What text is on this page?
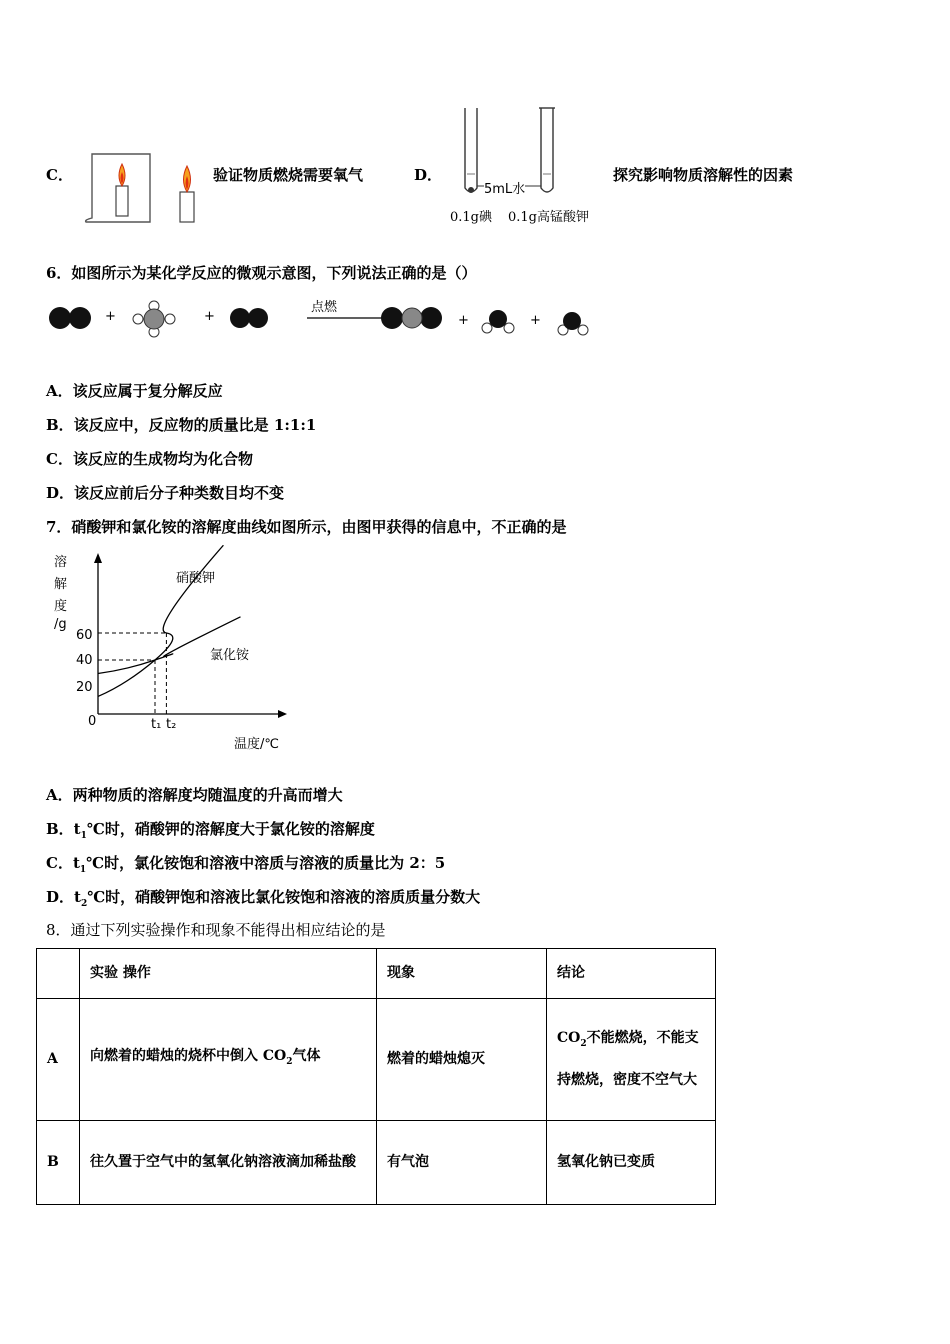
C．	验证物质燃烧需要氧气	D．
5mL水
0.1g碘 0.1g高锰酸钾
探究影响物质溶解性的因素
6．如图所示为某化学反应的微观示意图，下列说法正确的是（）
+	+
点燃
+	+
A．该反应属于复分解反应
B．该反应中，反应物的质量比是 1:1:1
C．该反应的生成物均为化合物
D．该反应前后分子种类数目均不变
7．硝酸钾和氯化铵的溶解度曲线如图所示，由图甲获得的信息中，不正确的是
溶
解
度
/g
60
40
20
0	t₁ t₂
温度/℃
硝酸钾
氯化铵
A．两种物质的溶解度均随温度的升高而增大
B．$t_1℃$时，硝酸钾的溶解度大于氯化铵的溶解度
C．$t_1℃$时，氯化铵饱和溶液中溶质与溶液的质量比为 2：5
D．$t_2℃$时，硝酸钾饱和溶液比氯化铵饱和溶液的溶质质量分数大
8．通过下列实验操作和现象不能得出相应结论的是
	实验 操作	现象	结论
A	向燃着的蜡烛的烧杯中倒入 $CO_2$气体	燃着的蜡烛熄灭	$CO_2$不能燃烧，不能支持燃烧，密度不空气大
B	往久置于空气中的氢氧化钠溶液滴加稀盐酸	有气泡	氢氧化钠已变质
